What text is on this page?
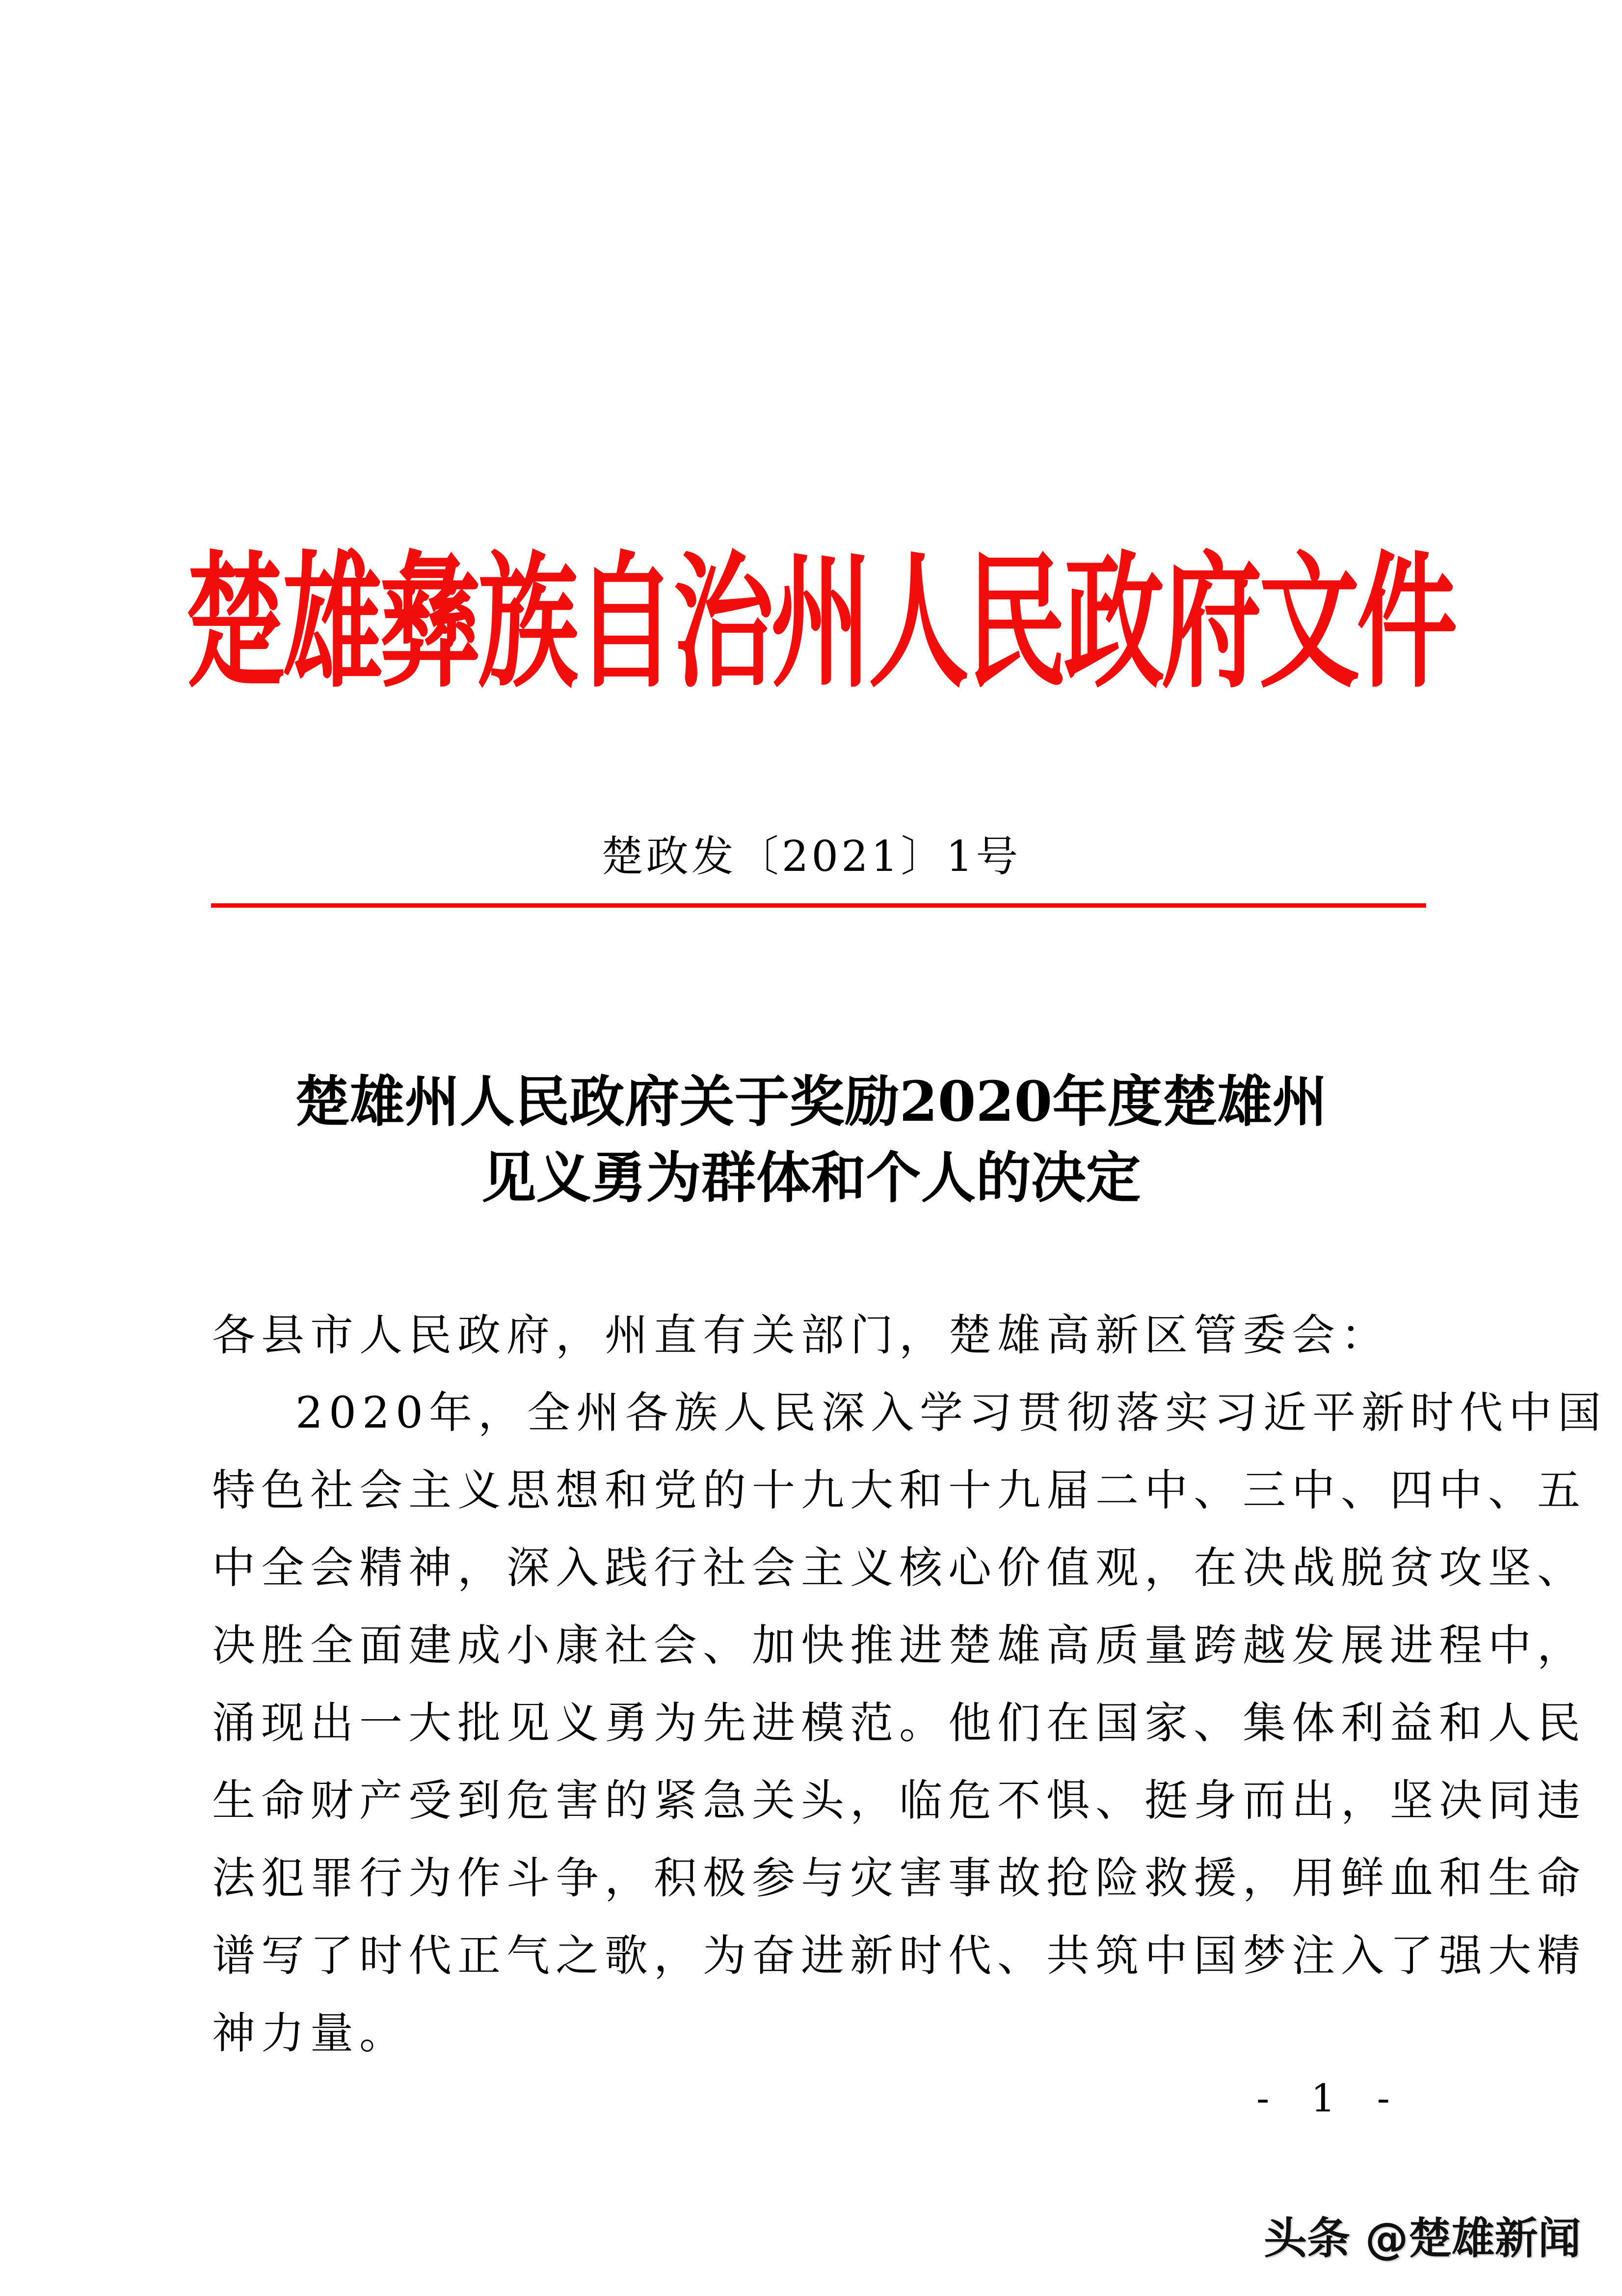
楚雄彝族自治州人民政府文件
楚政发〔2021〕1号
楚雄州人民政府关于奖励2020年度楚雄州
见义勇为群体和个人的决定
各县市人民政府，州直有关部门，楚雄高新区管委会：
2020年，全州各族人民深入学习贯彻落实习近平新时代中国
特色社会主义思想和党的十九大和十九届二中、三中、四中、五
中全会精神，深入践行社会主义核心价值观，在决战脱贫攻坚、
决胜全面建成小康社会、加快推进楚雄高质量跨越发展进程中，
涌现出一大批见义勇为先进模范。他们在国家、集体利益和人民
生命财产受到危害的紧急关头，临危不惧、挺身而出，坚决同违
法犯罪行为作斗争，积极参与灾害事故抢险救援，用鲜血和生命
谱写了时代正气之歌，为奋进新时代、共筑中国梦注入了强大精
神力量。
- 1 -
头条 @楚雄新闻
